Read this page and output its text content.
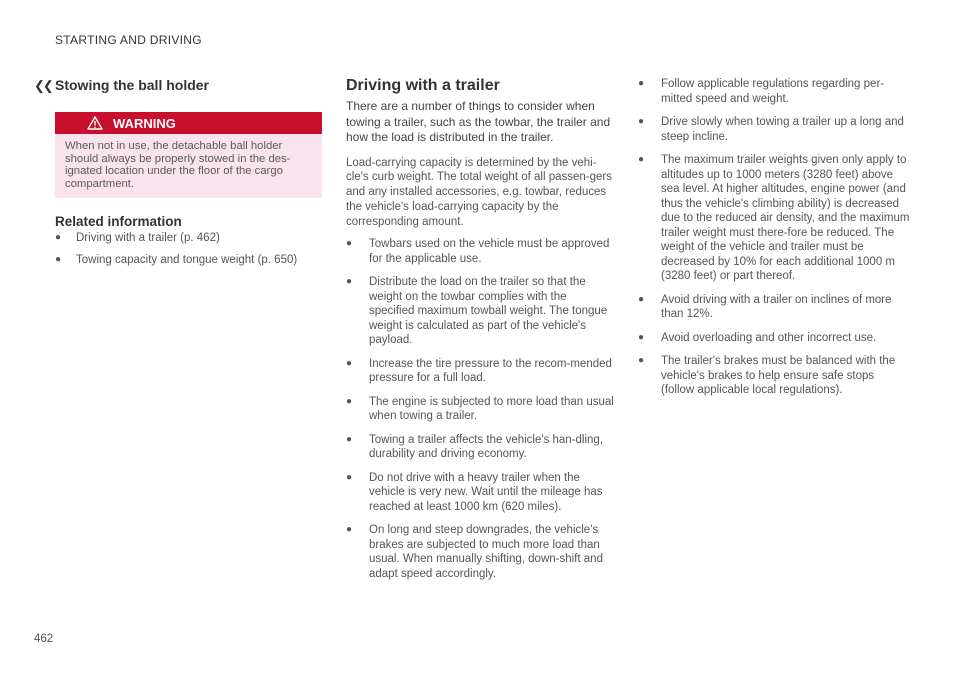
STARTING AND DRIVING
❮❮ Stowing the ball holder
WARNING
When not in use, the detachable ball holder should always be properly stowed in the des-ignated location under the floor of the cargo compartment.
Related information
● Driving with a trailer (p. 462)
● Towing capacity and tongue weight (p. 650)
Driving with a trailer
There are a number of things to consider when towing a trailer, such as the towbar, the trailer and how the load is distributed in the trailer.
Load-carrying capacity is determined by the vehi-cle's curb weight. The total weight of all passen-gers and any installed accessories, e.g. towbar, reduces the vehicle's load-carrying capacity by the corresponding amount.
● Towbars used on the vehicle must be approved for the applicable use.
● Distribute the load on the trailer so that the weight on the towbar complies with the specified maximum towball weight. The tongue weight is calculated as part of the vehicle's payload.
● Increase the tire pressure to the recom-mended pressure for a full load.
● The engine is subjected to more load than usual when towing a trailer.
● Towing a trailer affects the vehicle's han-dling, durability and driving economy.
● Do not drive with a heavy trailer when the vehicle is very new. Wait until the mileage has reached at least 1000 km (620 miles).
● On long and steep downgrades, the vehicle's brakes are subjected to much more load than usual. When manually shifting, down-shift and adapt speed accordingly.
● Follow applicable regulations regarding per-mitted speed and weight.
● Drive slowly when towing a trailer up a long and steep incline.
● The maximum trailer weights given only apply to altitudes up to 1000 meters (3280 feet) above sea level. At higher altitudes, engine power (and thus the vehicle's climbing ability) is decreased due to the reduced air density, and the maximum trailer weight must there-fore be reduced. The weight of the vehicle and trailer must be decreased by 10% for each additional 1000 m (3280 feet) or part thereof.
● Avoid driving with a trailer on inclines of more than 12%.
● Avoid overloading and other incorrect use.
● The trailer's brakes must be balanced with the vehicle's brakes to help ensure safe stops (follow applicable local regulations).
462
